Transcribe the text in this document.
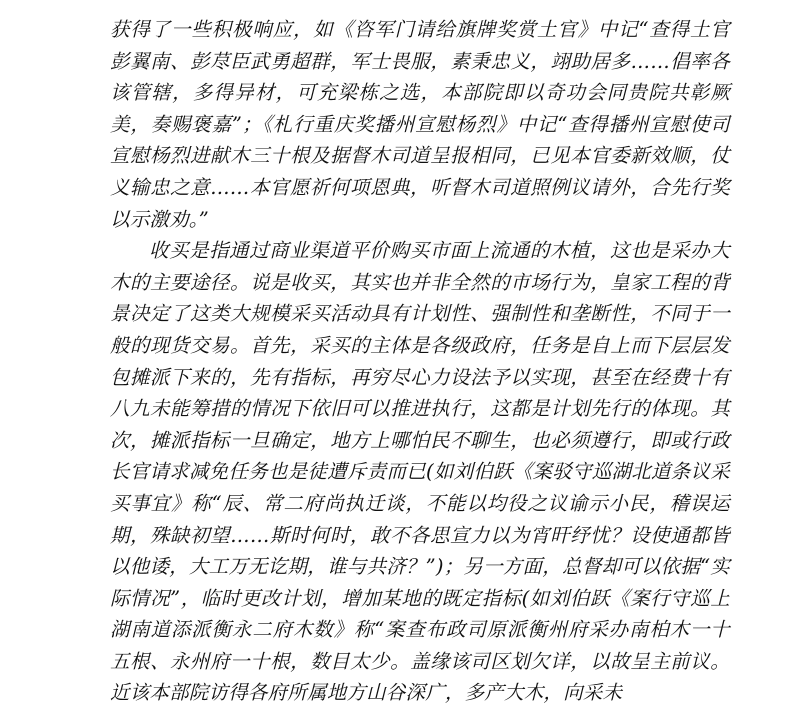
获得了一些积极响应，如《咨军门请给旗牌奖赏土官》中记“查得土官彭翼南、彭荩臣武勇超群，军士畏服，素秉忠义，翊助居多……倡率各该管辖，多得异材，可充梁栋之选，本部院即以奇功会同贵院共彰厥美，奏赐褒嘉”；《札行重庆奖播州宣慰杨烈》中记“查得播州宣慰使司宣慰杨烈进献木三十根及据督木司道呈报相同，已见本官委新效顺，仗义输忠之意……本官愿祈何项恩典，听督木司道照例议请外，合先行奖以示激劝。”

收买是指通过商业渠道平价购买市面上流通的木植，这也是采办大木的主要途径。说是收买，其实也并非全然的市场行为，皇家工程的背景决定了这类大规模采买活动具有计划性、强制性和垄断性，不同于一般的现货交易。首先，采买的主体是各级政府，任务是自上而下层层发包摊派下来的，先有指标，再穷尽心力设法予以实现，甚至在经费十有八九未能筹措的情况下依旧可以推进执行，这都是计划先行的体现。其次，摊派指标一旦确定，地方上哪怕民不聊生，也必须遵行，即或行政长官请求减免任务也是徒遭斥责而已(如刘伯跃《案驳守巡湖北道条议采买事宜》称“辰、常二府尚执迁谈，不能以均役之议谕示小民，稽误运期，殊缺初望……斯时何时，敢不各思宣力以为宵旰纾忧？设使通都皆以他诿，大工万无讫期，谁与共济？”)；另一方面，总督却可以依据“实际情况”，临时更改计划，增加某地的既定指标(如刘伯跃《案行守巡上湖南道添派衡永二府木数》称“案查布政司原派衡州府采办南柏木一十五根、永州府一十根，数目太少。盖缘该司区划欠详，以故呈主前议。近该本部院访得各府所属地方山谷深广，多产大木，向采未
